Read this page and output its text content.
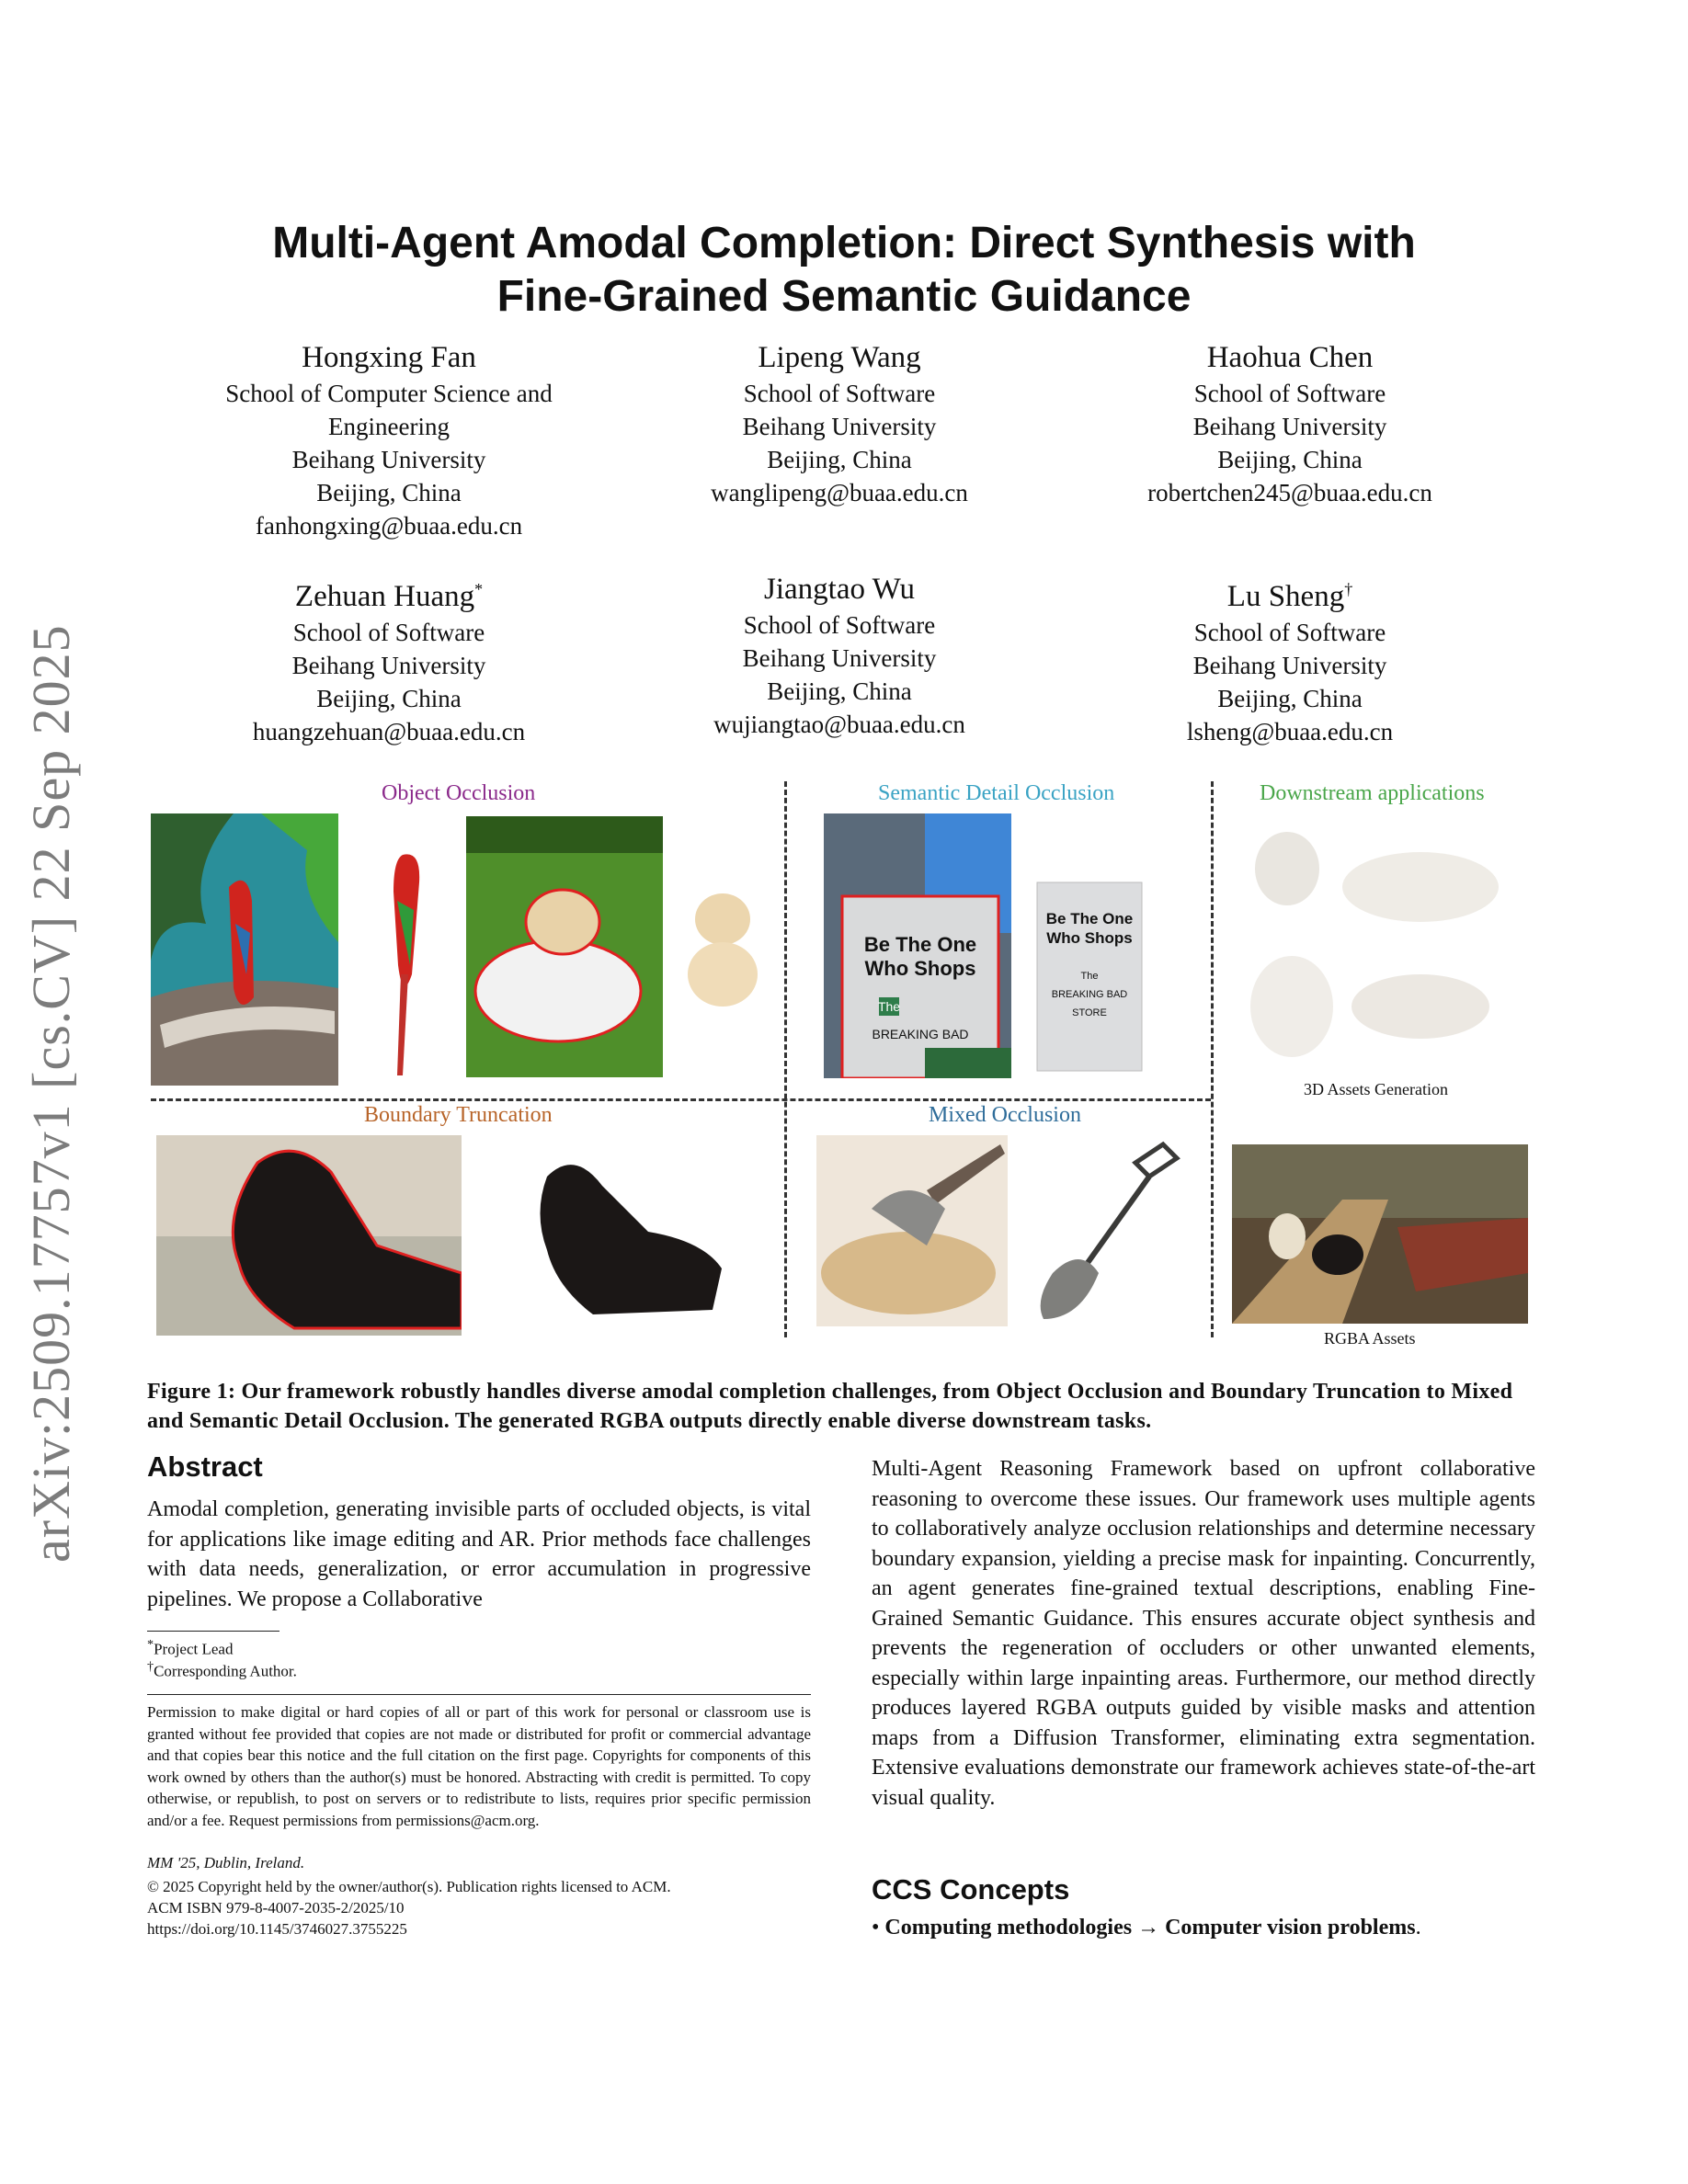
arXiv:2509.17757v1 [cs.CV] 22 Sep 2025
Multi-Agent Amodal Completion: Direct Synthesis with
Fine-Grained Semantic Guidance
Hongxing Fan
School of Computer Science and
Engineering
Beihang University
Beijing, China
fanhongxing@buaa.edu.cn
Lipeng Wang
School of Software
Beihang University
Beijing, China
wanglipeng@buaa.edu.cn
Haohua Chen
School of Software
Beihang University
Beijing, China
robertchen245@buaa.edu.cn
Zehuan Huang*
School of Software
Beihang University
Beijing, China
huangzehuan@buaa.edu.cn
Jiangtao Wu
School of Software
Beihang University
Beijing, China
wujiangtao@buaa.edu.cn
Lu Sheng†
School of Software
Beihang University
Beijing, China
lsheng@buaa.edu.cn
Object Occlusion	Semantic Detail Occlusion	Downstream applications
Boundary Truncation	Mixed Occlusion
Be The One
Who Shops
The
BREAKING BAD
Be The One
Who Shops
The
BREAKING BAD
STORE
3D Assets Generation
RGBA Assets
Figure 1: Our framework robustly handles diverse amodal completion challenges, from Object Occlusion and Boundary Truncation to Mixed and Semantic Detail Occlusion. The generated RGBA outputs directly enable diverse downstream tasks.
Abstract
Amodal completion, generating invisible parts of occluded objects, is vital for applications like image editing and AR. Prior methods face challenges with data needs, generalization, or error accumulation in progressive pipelines. We propose a Collaborative
*Project Lead
†Corresponding Author.
Permission to make digital or hard copies of all or part of this work for personal or classroom use is granted without fee provided that copies are not made or distributed for profit or commercial advantage and that copies bear this notice and the full citation on the first page. Copyrights for components of this work owned by others than the author(s) must be honored. Abstracting with credit is permitted. To copy otherwise, or republish, to post on servers or to redistribute to lists, requires prior specific permission and/or a fee. Request permissions from permissions@acm.org.
MM '25, Dublin, Ireland.
© 2025 Copyright held by the owner/author(s). Publication rights licensed to ACM.
ACM ISBN 979-8-4007-2035-2/2025/10
https://doi.org/10.1145/3746027.3755225
Multi-Agent Reasoning Framework based on upfront collaborative reasoning to overcome these issues. Our framework uses multiple agents to collaboratively analyze occlusion relationships and determine necessary boundary expansion, yielding a precise mask for inpainting. Concurrently, an agent generates fine-grained textual descriptions, enabling Fine-Grained Semantic Guidance. This ensures accurate object synthesis and prevents the regeneration of occluders or other unwanted elements, especially within large inpainting areas. Furthermore, our method directly produces layered RGBA outputs guided by visible masks and attention maps from a Diffusion Transformer, eliminating extra segmentation. Extensive evaluations demonstrate our framework achieves state-of-the-art visual quality.
CCS Concepts
• Computing methodologies → Computer vision problems.
